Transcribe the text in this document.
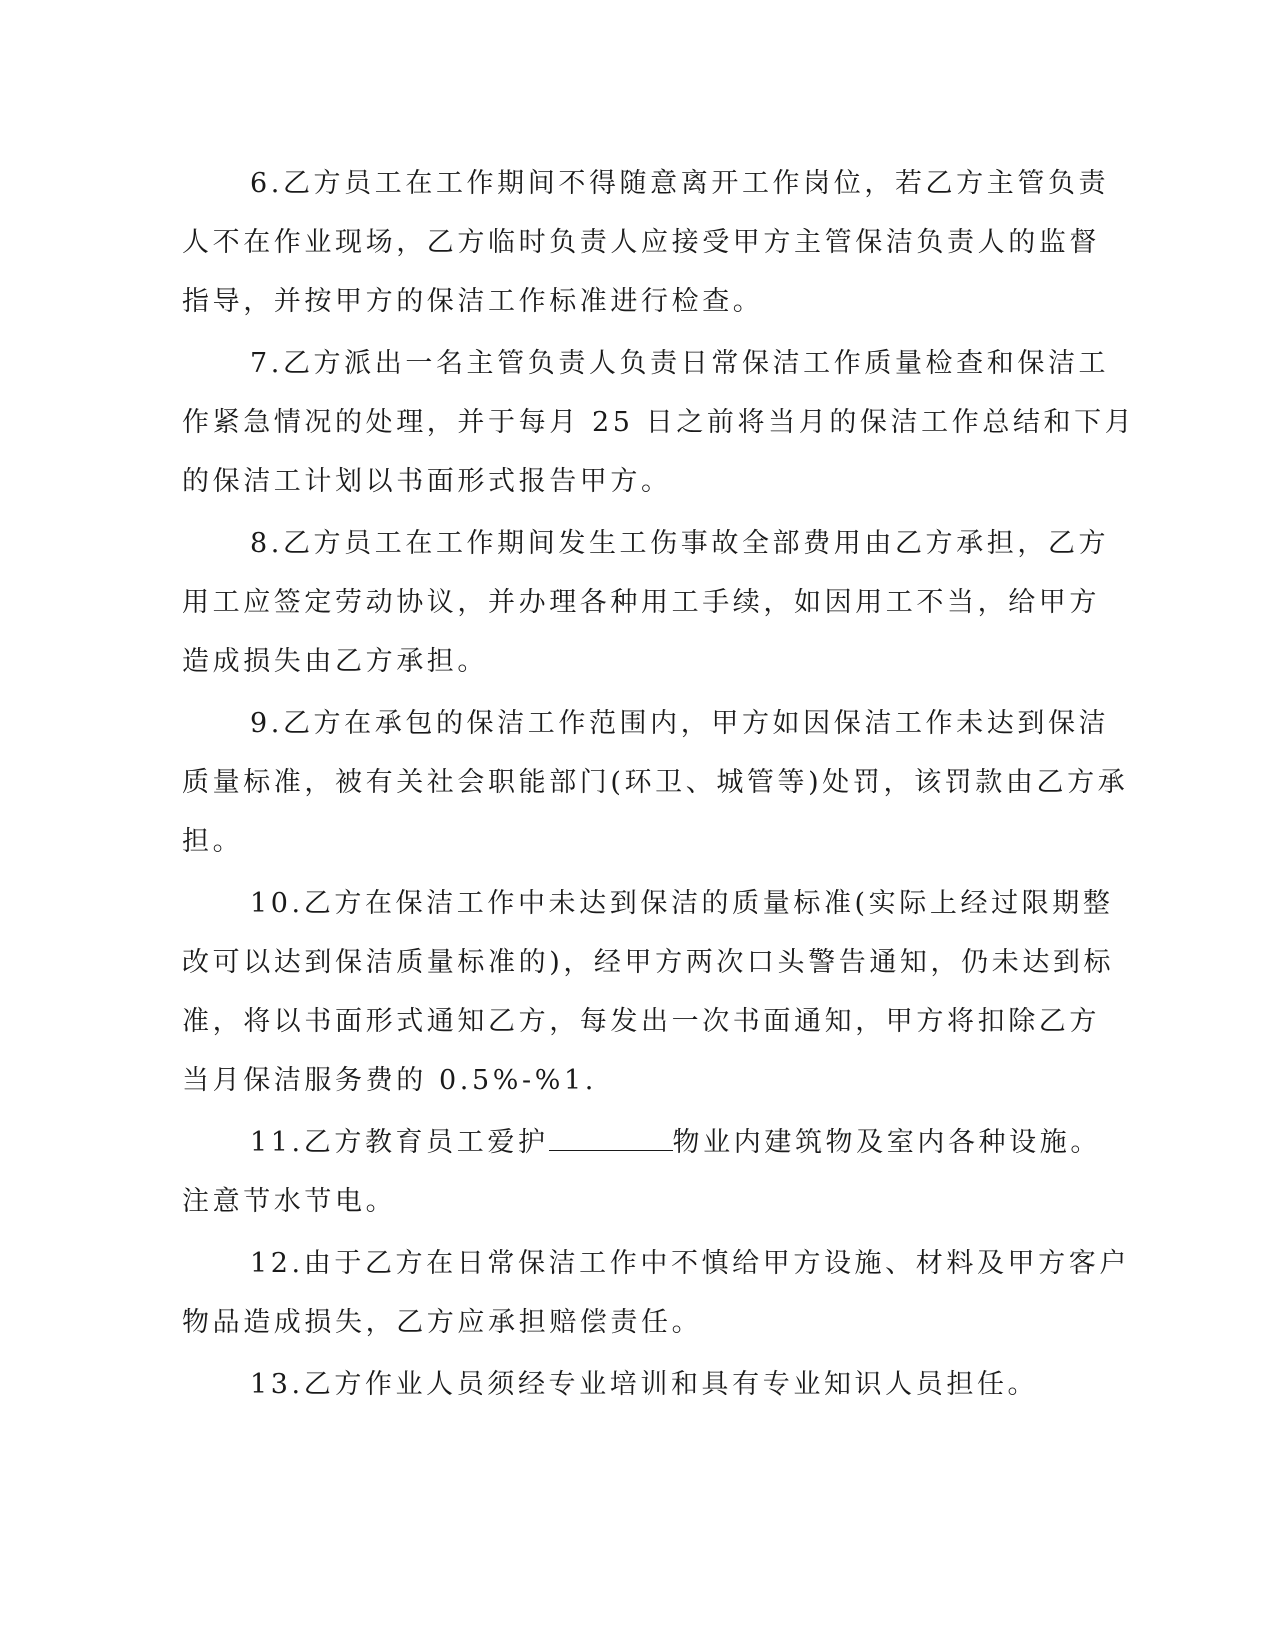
6.乙方员工在工作期间不得随意离开工作岗位，若乙方主管负责
人不在作业现场，乙方临时负责人应接受甲方主管保洁负责人的监督
指导，并按甲方的保洁工作标准进行检查。
7.乙方派出一名主管负责人负责日常保洁工作质量检查和保洁工
作紧急情况的处理，并于每月 25 日之前将当月的保洁工作总结和下月
的保洁工计划以书面形式报告甲方。
8.乙方员工在工作期间发生工伤事故全部费用由乙方承担，乙方
用工应签定劳动协议，并办理各种用工手续，如因用工不当，给甲方
造成损失由乙方承担。
9.乙方在承包的保洁工作范围内，甲方如因保洁工作未达到保洁
质量标准，被有关社会职能部门(环卫、城管等)处罚，该罚款由乙方承
担。
10.乙方在保洁工作中未达到保洁的质量标准(实际上经过限期整
改可以达到保洁质量标准的)，经甲方两次口头警告通知，仍未达到标
准，将以书面形式通知乙方，每发出一次书面通知，甲方将扣除乙方
当月保洁服务费的 0.5%-%1.
11.乙方教育员工爱护	物业内建筑物及室内各种设施。
注意节水节电。
12.由于乙方在日常保洁工作中不慎给甲方设施、材料及甲方客户
物品造成损失，乙方应承担赔偿责任。
13.乙方作业人员须经专业培训和具有专业知识人员担任。
